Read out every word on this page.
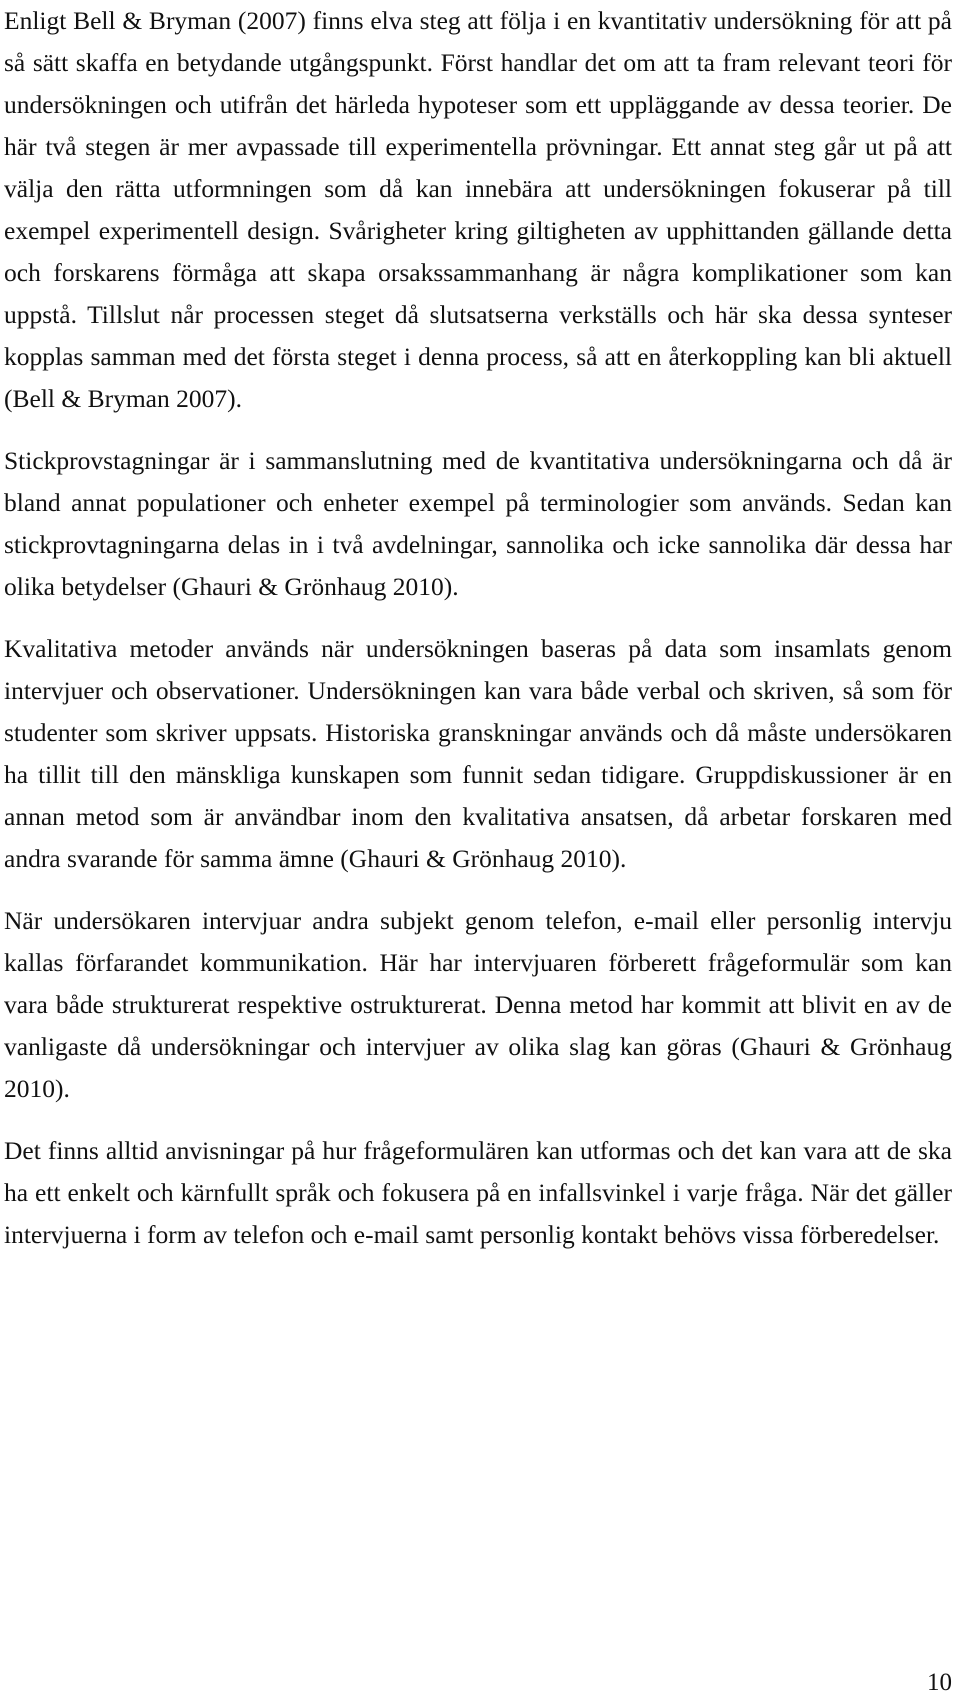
Enligt Bell & Bryman (2007) finns elva steg att följa i en kvantitativ undersökning för att på så sätt skaffa en betydande utgångspunkt. Först handlar det om att ta fram relevant teori för undersökningen och utifrån det härleda hypoteser som ett uppläggande av dessa teorier. De här två stegen är mer avpassade till experimentella prövningar. Ett annat steg går ut på att välja den rätta utformningen som då kan innebära att undersökningen fokuserar på till exempel experimentell design. Svårigheter kring giltigheten av upphittanden gällande detta och forskarens förmåga att skapa orsakssammanhang är några komplikationer som kan uppstå. Tillslut når processen steget då slutsatserna verkställs och här ska dessa synteser kopplas samman med det första steget i denna process, så att en återkoppling kan bli aktuell (Bell & Bryman 2007).

Stickprovstagningar är i sammanslutning med de kvantitativa undersökningarna och då är bland annat populationer och enheter exempel på terminologier som används. Sedan kan stickprovtagningarna delas in i två avdelningar, sannolika och icke sannolika där dessa har olika betydelser (Ghauri & Grönhaug 2010).

Kvalitativa metoder används när undersökningen baseras på data som insamlats genom intervjuer och observationer. Undersökningen kan vara både verbal och skriven, så som för studenter som skriver uppsats. Historiska granskningar används och då måste undersökaren ha tillit till den mänskliga kunskapen som funnit sedan tidigare. Gruppdiskussioner är en annan metod som är användbar inom den kvalitativa ansatsen, då arbetar forskaren med andra svarande för samma ämne (Ghauri & Grönhaug 2010).

När undersökaren intervjuar andra subjekt genom telefon, e-mail eller personlig intervju kallas förfarandet kommunikation. Här har intervjuaren förberett frågeformulär som kan vara både strukturerat respektive ostrukturerat. Denna metod har kommit att blivit en av de vanligaste då undersökningar och intervjuer av olika slag kan göras (Ghauri & Grönhaug 2010).

Det finns alltid anvisningar på hur frågeformulären kan utformas och det kan vara att de ska ha ett enkelt och kärnfullt språk och fokusera på en infallsvinkel i varje fråga. När det gäller intervjuerna i form av telefon och e-mail samt personlig kontakt behövs vissa förberedelser.

10
